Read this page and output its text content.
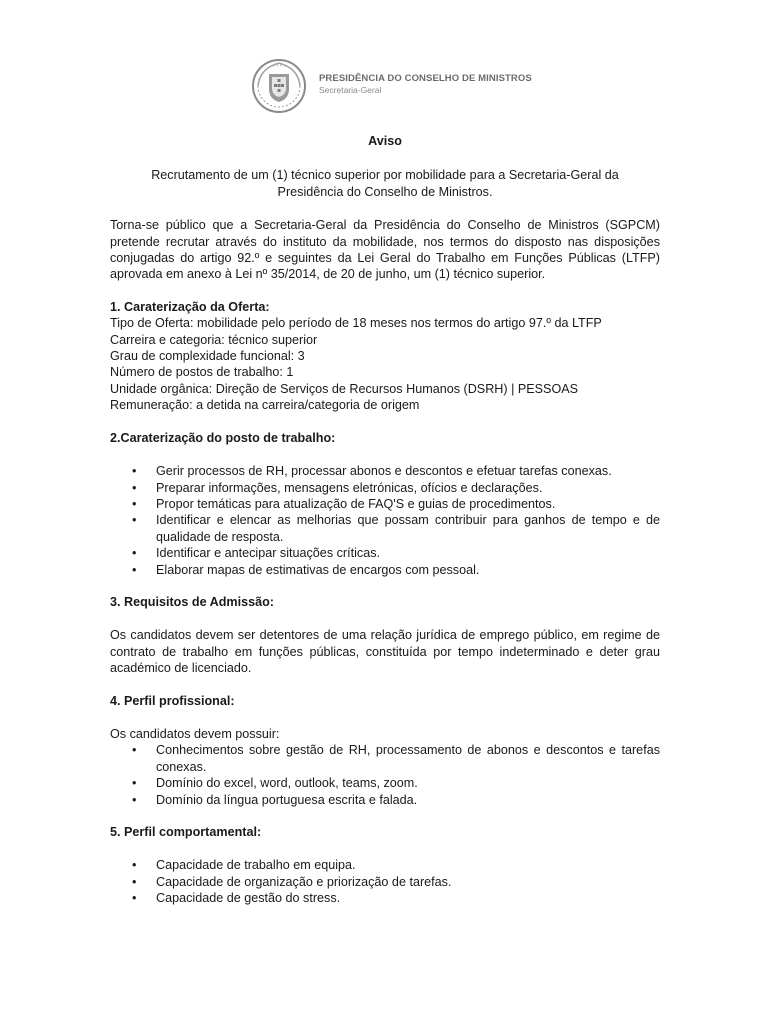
PRESIDÊNCIA DO CONSELHO DE MINISTROS
Secretaria-Geral

Aviso

Recrutamento de um (1) técnico superior por mobilidade para a Secretaria-Geral da Presidência do Conselho de Ministros.

Torna-se público que a Secretaria-Geral da Presidência do Conselho de Ministros (SGPCM) pretende recrutar através do instituto da mobilidade, nos termos do disposto nas disposições conjugadas do artigo 92.º e seguintes da Lei Geral do Trabalho em Funções Públicas (LTFP) aprovada em anexo à Lei nº 35/2014, de 20 de junho, um (1) técnico superior.

1. Caraterização da Oferta:

Tipo de Oferta: mobilidade pelo período de 18 meses nos termos do artigo 97.º da LTFP
Carreira e categoria: técnico superior
Grau de complexidade funcional: 3
Número de postos de trabalho: 1
Unidade orgânica: Direção de Serviços de Recursos Humanos (DSRH) | PESSOAS
Remuneração: a detida na carreira/categoria de origem

2.Caraterização do posto de trabalho:

• Gerir processos de RH, processar abonos e descontos e efetuar tarefas conexas.
• Preparar informações, mensagens eletrónicas, ofícios e declarações.
• Propor temáticas para atualização de FAQ'S e guias de procedimentos.
• Identificar e elencar as melhorias que possam contribuir para ganhos de tempo e de qualidade de resposta.
• Identificar e antecipar situações críticas.
• Elaborar mapas de estimativas de encargos com pessoal.

3. Requisitos de Admissão:

Os candidatos devem ser detentores de uma relação jurídica de emprego público, em regime de contrato de trabalho em funções públicas, constituída por tempo indeterminado e deter grau académico de licenciado.

4. Perfil profissional:

Os candidatos devem possuir:

• Conhecimentos sobre gestão de RH, processamento de abonos e descontos e tarefas conexas.
• Domínio do excel, word, outlook, teams, zoom.
• Domínio da língua portuguesa escrita e falada.

5. Perfil comportamental:

• Capacidade de trabalho em equipa.
• Capacidade de organização e priorização de tarefas.
• Capacidade de gestão do stress.
